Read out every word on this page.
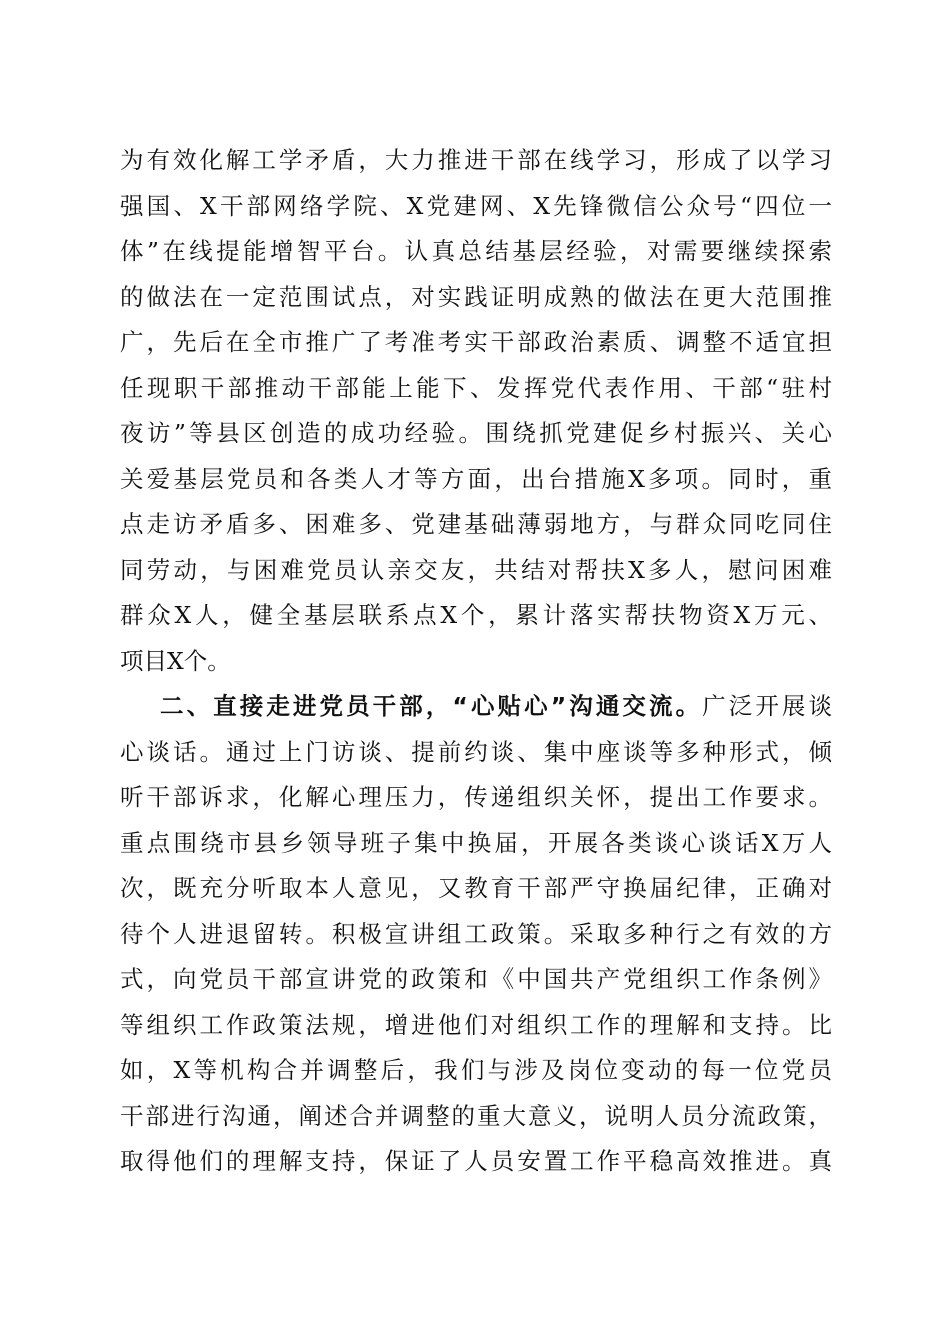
为有效化解工学矛盾，大力推进干部在线学习，形成了以学习
强国、X干部网络学院、X党建网、X先锋微信公众号“四位一
体”在线提能增智平台。认真总结基层经验，对需要继续探索
的做法在一定范围试点，对实践证明成熟的做法在更大范围推
广，先后在全市推广了考准考实干部政治素质、调整不适宜担
任现职干部推动干部能上能下、发挥党代表作用、干部“驻村
夜访”等县区创造的成功经验。围绕抓党建促乡村振兴、关心
关爱基层党员和各类人才等方面，出台措施X多项。同时，重
点走访矛盾多、困难多、党建基础薄弱地方，与群众同吃同住
同劳动，与困难党员认亲交友，共结对帮扶X多人，慰问困难
群众X人，健全基层联系点X个，累计落实帮扶物资X万元、
项目X个。
二、直接走进党员干部，“心贴心”沟通交流。广泛开展谈
心谈话。通过上门访谈、提前约谈、集中座谈等多种形式，倾
听干部诉求，化解心理压力，传递组织关怀，提出工作要求。
重点围绕市县乡领导班子集中换届，开展各类谈心谈话X万人
次，既充分听取本人意见，又教育干部严守换届纪律，正确对
待个人进退留转。积极宣讲组工政策。采取多种行之有效的方
式，向党员干部宣讲党的政策和《中国共产党组织工作条例》
等组织工作政策法规，增进他们对组织工作的理解和支持。比
如，X等机构合并调整后，我们与涉及岗位变动的每一位党员
干部进行沟通，阐述合并调整的重大意义，说明人员分流政策，
取得他们的理解支持，保证了人员安置工作平稳高效推进。真
